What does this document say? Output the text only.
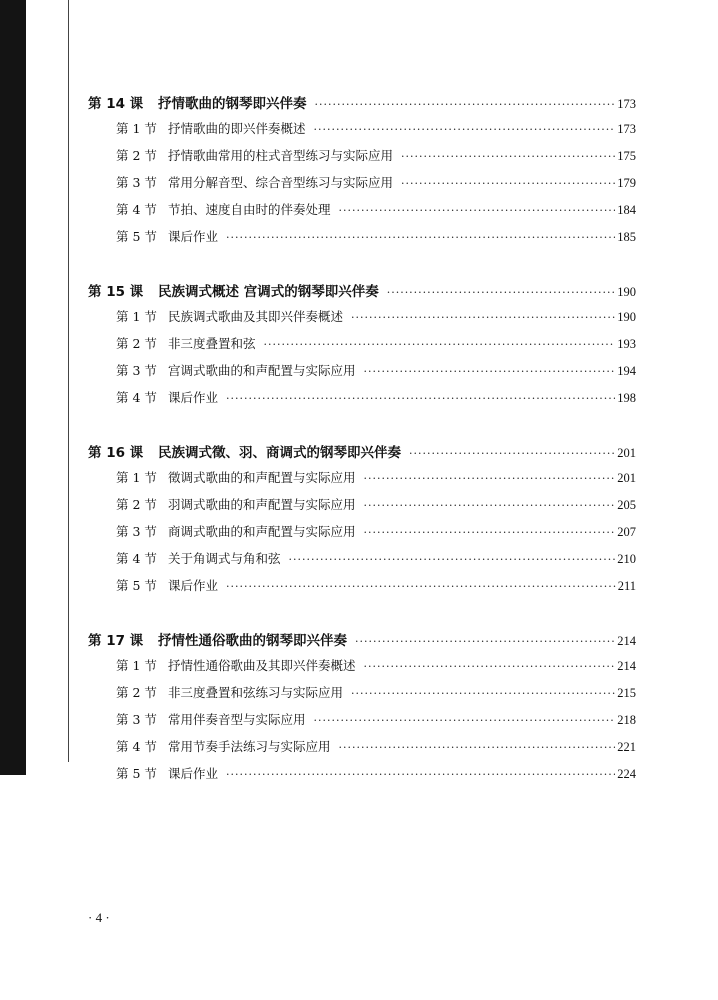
第 14 课	抒情歌曲的钢琴即兴伴奏 ·····	173
第 1 节 抒情歌曲的即兴伴奏概述 ·····	173
第 2 节 抒情歌曲常用的柱式音型练习与实际应用 ·····	175
第 3 节 常用分解音型、综合音型练习与实际应用 ·····	179
第 4 节 节拍、速度自由时的伴奏处理 ·····	184
第 5 节 课后作业 ·····	185
第 15 课	民族调式概述 宫调式的钢琴即兴伴奏 ·····	190
第 1 节 民族调式歌曲及其即兴伴奏概述 ·····	190
第 2 节 非三度叠置和弦 ·····	193
第 3 节 宫调式歌曲的和声配置与实际应用 ·····	194
第 4 节 课后作业 ·····	198
第 16 课	民族调式徵、羽、商调式的钢琴即兴伴奏 ·····	201
第 1 节 徵调式歌曲的和声配置与实际应用 ·····	201
第 2 节 羽调式歌曲的和声配置与实际应用 ·····	205
第 3 节 商调式歌曲的和声配置与实际应用 ·····	207
第 4 节 关于角调式与角和弦 ·····	210
第 5 节 课后作业 ·····	211
第 17 课	抒情性通俗歌曲的钢琴即兴伴奏 ·····	214
第 1 节 抒情性通俗歌曲及其即兴伴奏概述 ·····	214
第 2 节 非三度叠置和弦练习与实际应用 ·····	215
第 3 节 常用伴奏音型与实际应用 ·····	218
第 4 节 常用节奏手法练习与实际应用 ·····	221
第 5 节 课后作业 ·····	224
· 4 ·
